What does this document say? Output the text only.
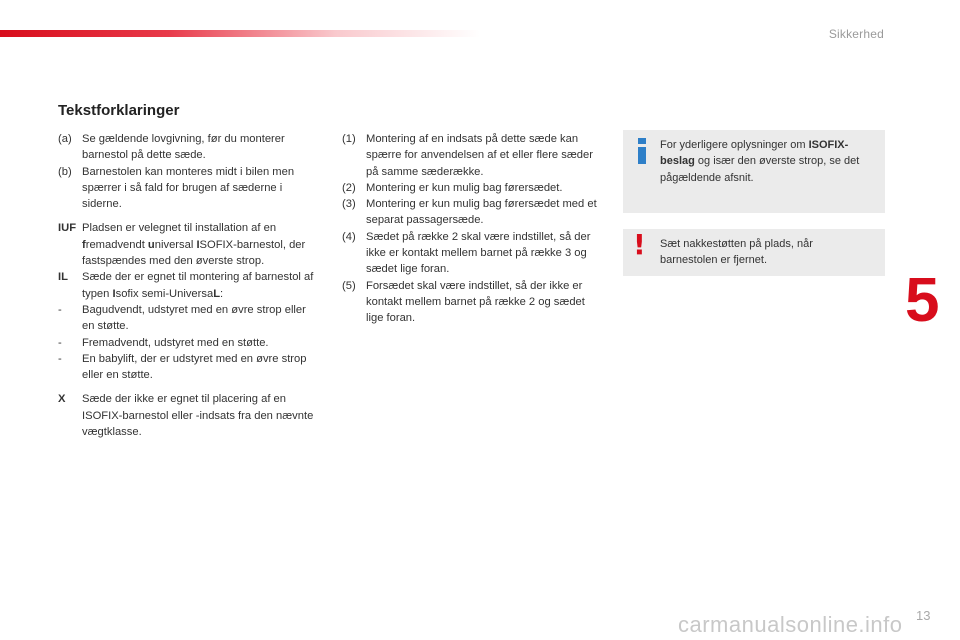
Sikkerhed
5
13
carmanualsonline.info
Tekstforklaringer
(a) Se gældende lovgivning, før du monterer barnestol på dette sæde.
(b) Barnestolen kan monteres midt i bilen men spærrer i så fald for brugen af sæderne i siderne.
IUF Pladsen er velegnet til installation af en fremadvendt universal ISOFIX-barnestol, der fastspændes med den øverste strop.
IL	Sæde der er egnet til montering af barnestol af typen Isofix semi-UniversaL:
-	Bagudvendt, udstyret med en øvre strop eller en støtte.
-	Fremadvendt, udstyret med en støtte.
-	En babylift, der er udstyret med en øvre strop eller en støtte.
X	Sæde der ikke er egnet til placering af en ISOFIX-barnestol eller -indsats fra den nævnte vægtklasse.
(1) Montering af en indsats på dette sæde kan spærre for anvendelsen af et eller flere sæder på samme sæderække.
(2) Montering er kun mulig bag førersædet.
(3) Montering er kun mulig bag førersædet med et separat passagersæde.
(4) Sædet på række 2 skal være indstillet, så der ikke er kontakt mellem barnet på række 3 og sædet lige foran.
(5) Forsædet skal være indstillet, så der ikke er kontakt mellem barnet på række 2 og sædet lige foran.
For yderligere oplysninger om ISOFIX-beslag og især den øverste strop, se det pågældende afsnit.
! Sæt nakkestøtten på plads, når barnestolen er fjernet.
